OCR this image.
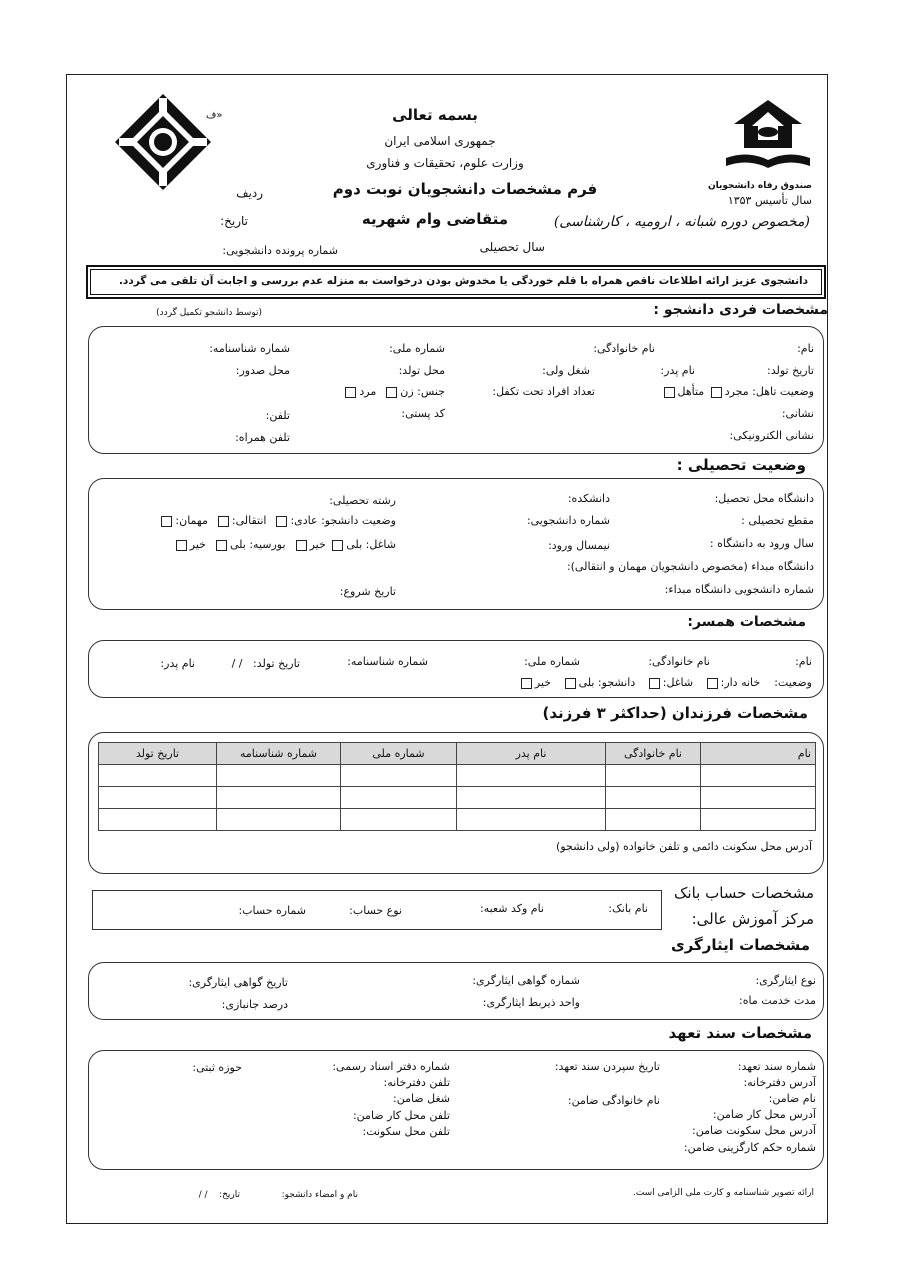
«ف
صندوق رفاه دانشجویان
سال تأسیس ۱۳۵۳
(مخصوص دوره شبانه ، ارومیه ، کارشناسی)
بسمه تعالی
جمهوری اسلامی ایران
وزارت علوم، تحقیقات و فناوری
فرم مشخصات دانشجویان نوبت دوم
متقاضی وام شهریه
سال تحصیلی
ردیف
تاریخ:
شماره پرونده دانشجویی:
دانشجوی عزیز ارائه اطلاعات ناقص همراه با قلم خوردگی یا مخدوش بودن درخواست به منزله عدم بررسی و اجابت آن تلقی می گردد.
مشخصات فردی دانشجو :
(توسط دانشجو تکمیل گردد)
نام:
نام خانوادگی:
شماره ملی:
شماره شناسنامه:
تاریخ تولد:
نام پدر:
شغل ولی:
محل تولد:
محل صدور:
وضعیت تاهل: مجرد متأهل
تعداد افراد تحت تکفل:
جنس: زن  مرد
نشانی:
کد پستی:
تلفن:
نشانی الکترونیکی:
تلفن همراه:
وضعیت تحصیلی :
دانشگاه محل تحصیل:
دانشکده:
رشته تحصیلی:
مقطع تحصیلی :
شماره دانشجویی:
وضعیت دانشجو: عادی:  انتقالی:  مهمان:
سال ورود به دانشگاه :
نیمسال ورود:
شاغل: بلی خیر  بورسیه: بلی  خیر
دانشگاه مبداء (مخصوص دانشجویان مهمان و انتقالی):
شماره دانشجویی دانشگاه مبداء:
تاریخ شروع:
مشخصات همسر:
نام:
نام خانوادگی:
شماره ملی:
شماره شناسنامه:
تاریخ تولد:   / /
نام پدر:
وضعیت:    خانه دار:   شاغل:   دانشجو: بلی   خیر
مشخصات فرزندان (حداکثر ۳ فرزند)
نام	نام خانوادگی	نام پدر	شماره ملی	شماره شناسنامه	تاریخ تولد

آدرس محل سکونت دائمی و تلفن خانواده (ولی دانشجو)
مشخصات حساب بانک
مرکز آموزش عالی:
نام بانک:
نام وکد شعبه:
نوع حساب:
شماره حساب:
مشخصات ایثارگری
نوع ایثارگری:
شماره گواهی ایثارگری:
تاریخ گواهی ایثارگری:
مدت خدمت ماه:
واحد ذیربط ایثارگری:
درصد جانبازی:
مشخصات سند تعهد
شماره سند تعهد:
آدرس دفترخانه:
نام ضامن:
آدرس محل کار ضامن:
آدرس محل سکونت ضامن:
شماره حکم کارگزینی ضامن:
تاریخ سپردن سند تعهد:
نام خانوادگی ضامن:
شماره دفتر اسناد رسمی:
تلفن دفترخانه:
شغل ضامن:
تلفن محل کار ضامن:
تلفن محل سکونت:
حوزه ثبتی:
ارائه تصویر شناسنامه و کارت ملی الزامی است.
نام و امضاء دانشجو:
تاریخ:    / /
